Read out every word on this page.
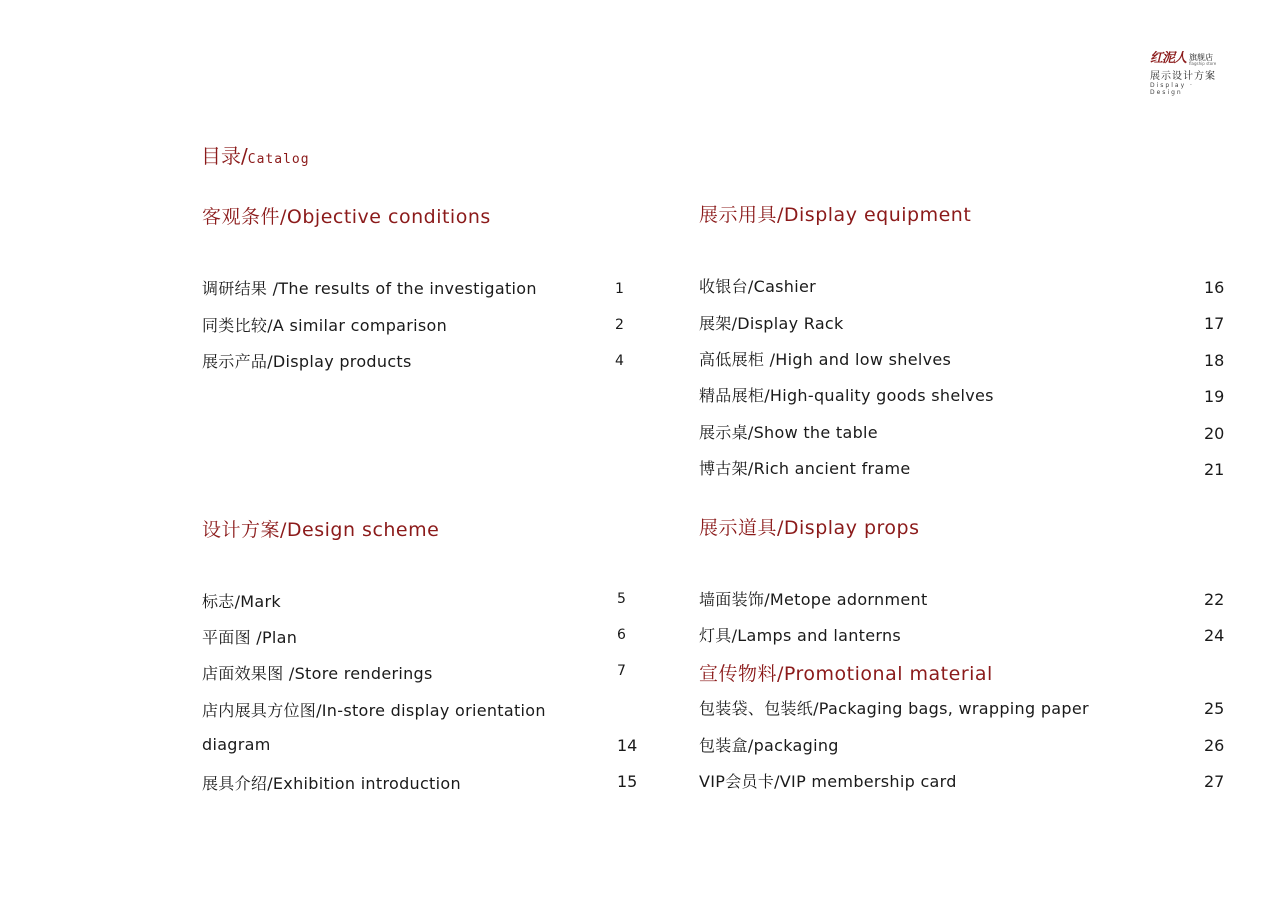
红泥人 旗舰店
flagship store
展示设计方案
Display · Design
目录/Catalog
客观条件/Objective conditions
调研结果 /The results of the investigation	1
同类比较/A similar comparison	2
展示产品/Display products	4
设计方案/Design scheme
标志/Mark	5
平面图 /Plan	6
店面效果图 /Store renderings	7
店内展具方位图/In-store display orientation
diagram	14
展具介绍/Exhibition introduction	15
展示用具/Display equipment
收银台/Cashier	16
展架/Display Rack	17
高低展柜 /High and low shelves	18
精品展柜/High-quality goods shelves	19
展示桌/Show the table	20
博古架/Rich ancient frame	21
展示道具/Display props
墙面装饰/Metope adornment	22
灯具/Lamps and lanterns	24
宣传物料/Promotional material
包装袋、包装纸/Packaging bags, wrapping paper	25
包装盒/packaging	26
VIP会员卡/VIP membership card	27
